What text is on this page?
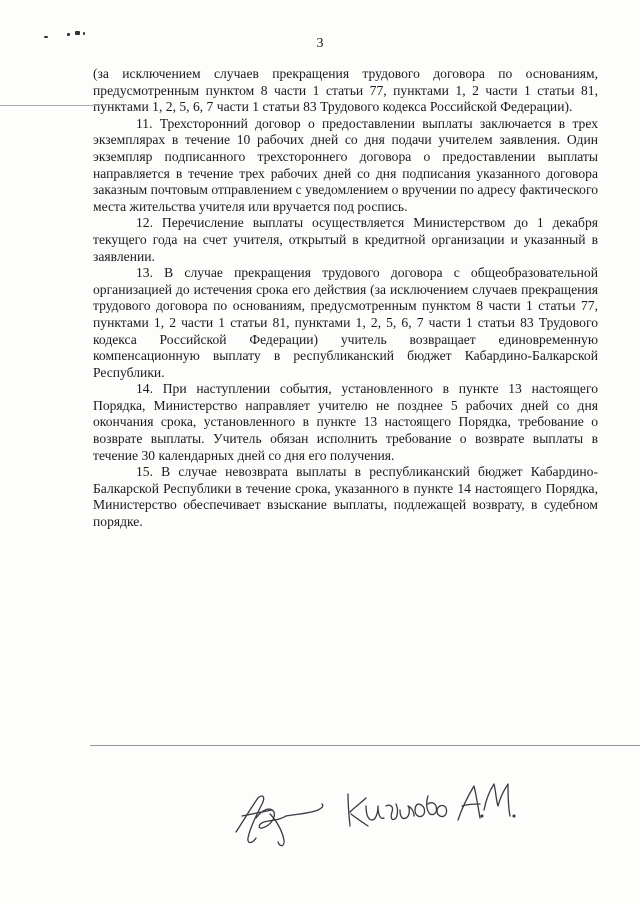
3

(за исключением случаев прекращения трудового договора по основаниям, предусмотренным пунктом 8 части 1 статьи 77, пунктами 1, 2 части 1 статьи 81, пунктами 1, 2, 5, 6, 7 части 1 статьи 83 Трудового кодекса Российской Федерации).

11. Трехсторонний договор о предоставлении выплаты заключается в трех экземплярах в течение 10 рабочих дней со дня подачи учителем заявления. Один экземпляр подписанного трехстороннего договора о предоставлении выплаты направляется в течение трех рабочих дней со дня подписания указанного договора заказным почтовым отправлением с уведомлением о вручении по адресу фактического места жительства учителя или вручается под роспись.

12. Перечисление выплаты осуществляется Министерством до 1 декабря текущего года на счет учителя, открытый в кредитной организации и указанный в заявлении.

13. В случае прекращения трудового договора с общеобразовательной организацией до истечения срока его действия (за исключением случаев прекращения трудового договора по основаниям, предусмотренным пунктом 8 части 1 статьи 77, пунктами 1, 2 части 1 статьи 81, пунктами 1, 2, 5, 6, 7 части 1 статьи 83 Трудового кодекса Российской Федерации) учитель возвращает единовременную компенсационную выплату в республиканский бюджет Кабардино-Балкарской Республики.

14. При наступлении события, установленного в пункте 13 настоящего Порядка, Министерство направляет учителю не позднее 5 рабочих дней со дня окончания срока, установленного в пункте 13 настоящего Порядка, требование о возврате выплаты. Учитель обязан исполнить требование о возврате выплаты в течение 30 календарных дней со дня его получения.

15. В случае невозврата выплаты в республиканский бюджет Кабардино-Балкарской Республики в течение срока, указанного в пункте 14 настоящего Порядка, Министерство обеспечивает взыскание выплаты, подлежащей возврату, в судебном порядке.
